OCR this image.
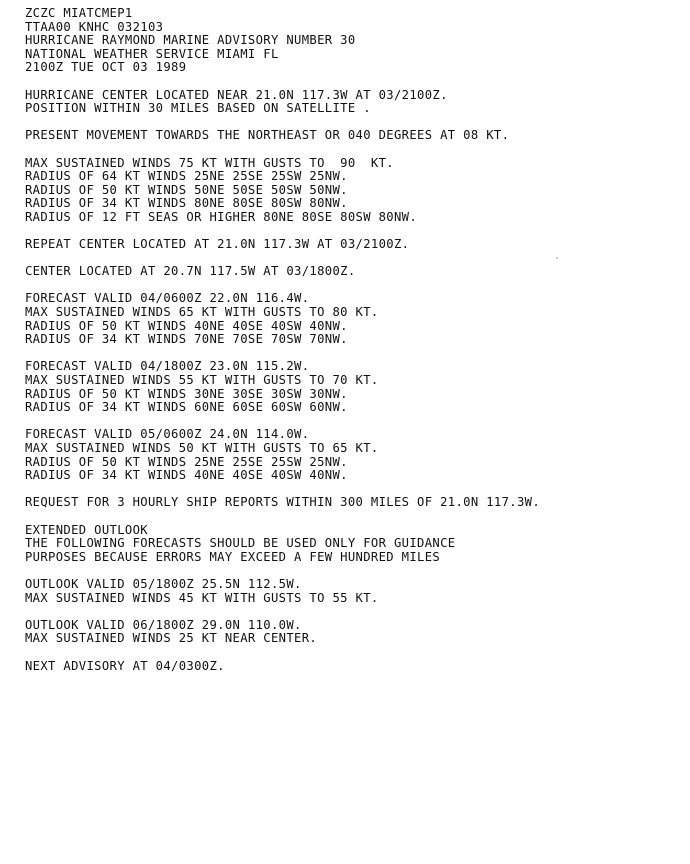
ZCZC MIATCMEP1
TTAA00 KNHC 032103
HURRICANE RAYMOND MARINE ADVISORY NUMBER 30
NATIONAL WEATHER SERVICE MIAMI FL
2100Z TUE OCT 03 1989
HURRICANE CENTER LOCATED NEAR 21.0N 117.3W AT 03/2100Z.
POSITION WITHIN 30 MILES BASED ON SATELLITE .
PRESENT MOVEMENT TOWARDS THE NORTHEAST OR 040 DEGREES AT 08 KT.
MAX SUSTAINED WINDS 75 KT WITH GUSTS TO  90  KT.
RADIUS OF 64 KT WINDS 25NE 25SE 25SW 25NW.
RADIUS OF 50 KT WINDS 50NE 50SE 50SW 50NW.
RADIUS OF 34 KT WINDS 80NE 80SE 80SW 80NW.
RADIUS OF 12 FT SEAS OR HIGHER 80NE 80SE 80SW 80NW.
REPEAT CENTER LOCATED AT 21.0N 117.3W AT 03/2100Z.
CENTER LOCATED AT 20.7N 117.5W AT 03/1800Z.
FORECAST VALID 04/0600Z 22.0N 116.4W.
MAX SUSTAINED WINDS 65 KT WITH GUSTS TO 80 KT.
RADIUS OF 50 KT WINDS 40NE 40SE 40SW 40NW.
RADIUS OF 34 KT WINDS 70NE 70SE 70SW 70NW.
FORECAST VALID 04/1800Z 23.0N 115.2W.
MAX SUSTAINED WINDS 55 KT WITH GUSTS TO 70 KT.
RADIUS OF 50 KT WINDS 30NE 30SE 30SW 30NW.
RADIUS OF 34 KT WINDS 60NE 60SE 60SW 60NW.
FORECAST VALID 05/0600Z 24.0N 114.0W.
MAX SUSTAINED WINDS 50 KT WITH GUSTS TO 65 KT.
RADIUS OF 50 KT WINDS 25NE 25SE 25SW 25NW.
RADIUS OF 34 KT WINDS 40NE 40SE 40SW 40NW.
REQUEST FOR 3 HOURLY SHIP REPORTS WITHIN 300 MILES OF 21.0N 117.3W.
EXTENDED OUTLOOK
THE FOLLOWING FORECASTS SHOULD BE USED ONLY FOR GUIDANCE
PURPOSES BECAUSE ERRORS MAY EXCEED A FEW HUNDRED MILES
OUTLOOK VALID 05/1800Z 25.5N 112.5W.
MAX SUSTAINED WINDS 45 KT WITH GUSTS TO 55 KT.
OUTLOOK VALID 06/1800Z 29.0N 110.0W.
MAX SUSTAINED WINDS 25 KT NEAR CENTER.
NEXT ADVISORY AT 04/0300Z.
